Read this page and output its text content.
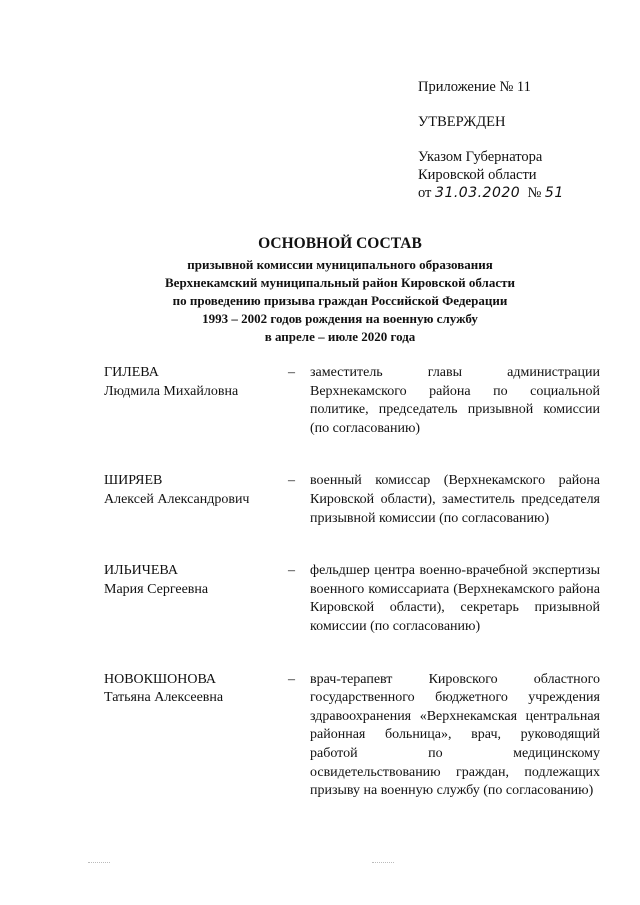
Приложение № 11
УТВЕРЖДЕН
Указом Губернатора
Кировской области
от 31.03.2020 № 51
ОСНОВНОЙ СОСТАВ
призывной комиссии муниципального образования
Верхнекамский муниципальный район Кировской области
по проведению призыва граждан Российской Федерации
1993 – 2002 годов рождения на военную службу
в апреле – июле 2020 года
ГИЛЕВА
Людмила Михайловна
–	заместитель главы администрации Верхнекамского района по социальной политике, председатель призывной комиссии (по согласованию)
ШИРЯЕВ
Алексей Александрович
–	военный комиссар (Верхнекамского района Кировской области), заместитель председателя призывной комиссии (по согласованию)
ИЛЬИЧЕВА
Мария Сергеевна
–	фельдшер центра военно-врачебной экспертизы военного комиссариата (Верхнекамского района Кировской области), секретарь призывной комиссии (по согласованию)
НОВОКШОНОВА
Татьяна Алексеевна
–	врач-терапевт Кировского областного государственного бюджетного учреждения здравоохранения «Верхнекамская центральная районная больница», врач, руководящий работой по медицинскому освидетельствованию граждан, подлежащих призыву на военную службу (по согласованию)
